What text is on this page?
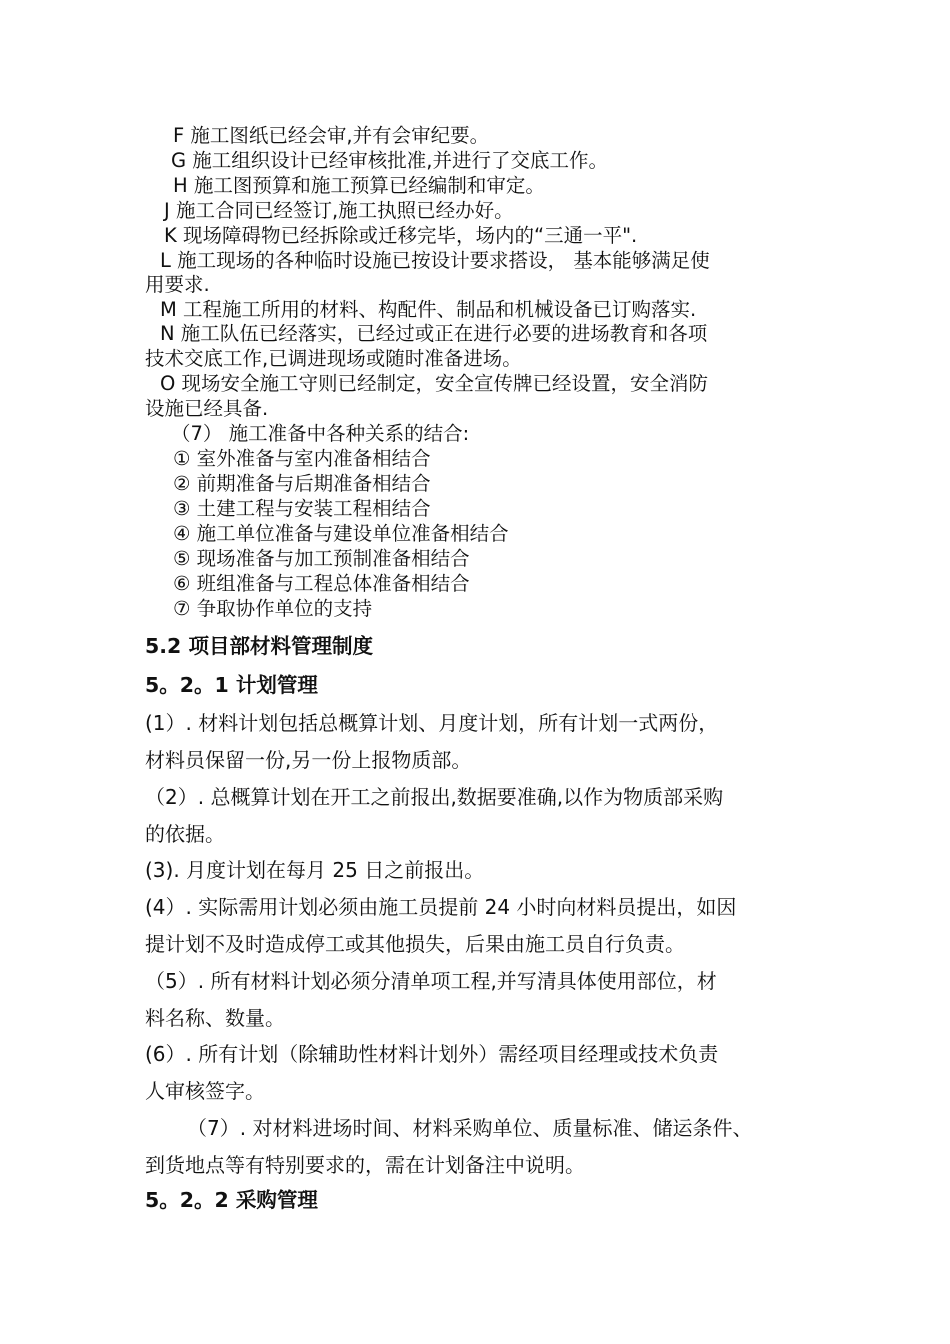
F 施工图纸已经会审,并有会审纪要。
G 施工组织设计已经审核批准,并进行了交底工作。
H 施工图预算和施工预算已经编制和审定。
J 施工合同已经签订,施工执照已经办好。
K 现场障碍物已经拆除或迁移完毕，场内的“三通一平".
L 施工现场的各种临时设施已按设计要求搭设， 基本能够满足使
用要求.
M 工程施工所用的材料、构配件、制品和机械设备已订购落实.
N 施工队伍已经落实，已经过或正在进行必要的进场教育和各项
技术交底工作,已调进现场或随时准备进场。
O 现场安全施工守则已经制定，安全宣传牌已经设置，安全消防
设施已经具备.
（7） 施工准备中各种关系的结合:
① 室外准备与室内准备相结合
② 前期准备与后期准备相结合
③ 土建工程与安装工程相结合
④ 施工单位准备与建设单位准备相结合
⑤ 现场准备与加工预制准备相结合
⑥ 班组准备与工程总体准备相结合
⑦ 争取协作单位的支持
5.2 项目部材料管理制度
5。2。1 计划管理
(1）. 材料计划包括总概算计划、月度计划，所有计划一式两份，
材料员保留一份,另一份上报物质部。
（2）. 总概算计划在开工之前报出,数据要准确,以作为物质部采购
的依据。
(3). 月度计划在每月 25 日之前报出。
(4）. 实际需用计划必须由施工员提前 24 小时向材料员提出，如因
提计划不及时造成停工或其他损失，后果由施工员自行负责。
（5）. 所有材料计划必须分清单项工程,并写清具体使用部位，材
料名称、数量。
(6）. 所有计划（除辅助性材料计划外）需经项目经理或技术负责
人审核签字。
（7）. 对材料进场时间、材料采购单位、质量标准、储运条件、
到货地点等有特别要求的，需在计划备注中说明。
5。2。2 采购管理
